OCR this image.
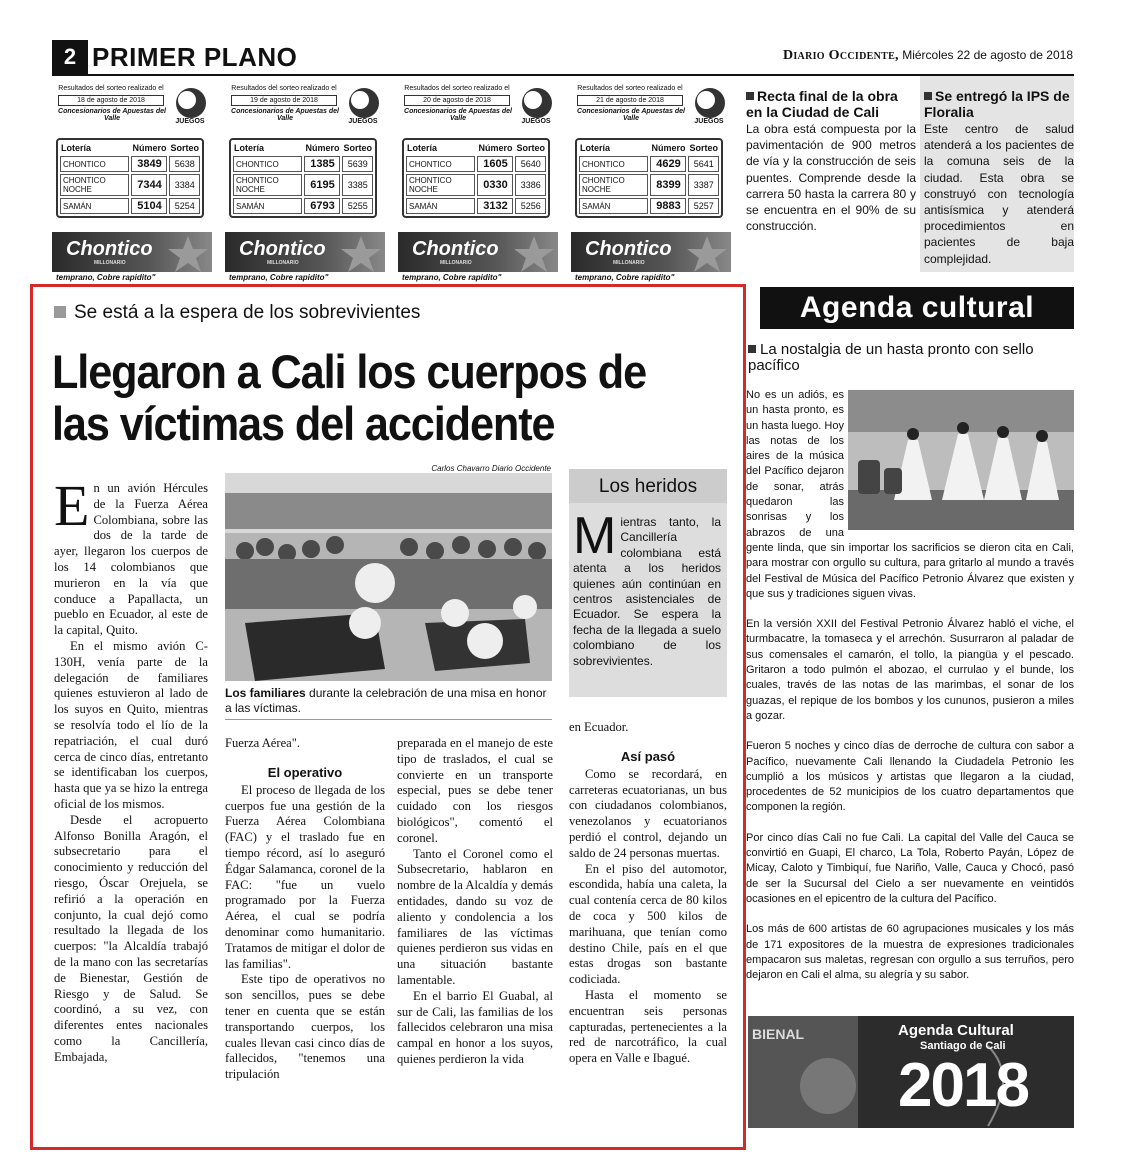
2 PRIMER PLANO	Diario Occidente, Miércoles 22 de agosto de 2018
Resultados del sorteo realizado el
18 de agosto de 2018
Concesionarios de Apuestas del Valle	JUEGOS
Lotería	Número	Sorteo
CHONTICO	3849	5638
CHONTICO NOCHE	7344	3384
SAMÁN	5104	5254
Chontico
MILLONARIO
temprano, Cobre rapidito"
Resultados del sorteo realizado el
19 de agosto de 2018
Concesionarios de Apuestas del Valle	JUEGOS
Lotería	Número	Sorteo
CHONTICO	1385	5639
CHONTICO NOCHE	6195	3385
SAMÁN	6793	5255
Chontico
MILLONARIO
temprano, Cobre rapidito"
Resultados del sorteo realizado el
20 de agosto de 2018
Concesionarios de Apuestas del Valle	JUEGOS
Lotería	Número	Sorteo
CHONTICO	1605	5640
CHONTICO NOCHE	0330	3386
SAMÁN	3132	5256
Chontico
MILLONARIO
temprano, Cobre rapidito"
Resultados del sorteo realizado el
21 de agosto de 2018
Concesionarios de Apuestas del Valle	JUEGOS
Lotería	Número	Sorteo
CHONTICO	4629	5641
CHONTICO NOCHE	8399	3387
SAMÁN	9883	5257
Chontico
MILLONARIO
temprano, Cobre rapidito"
Recta final de la obra en la Ciudad de Cali

La obra está compuesta por la pavimentación de 900 metros de vía y la construcción de seis puentes. Comprende desde la carrera 50 hasta la carrera 80 y se encuentra en el 90% de su construcción.

Se entregó la IPS de Floralia

Este centro de salud atenderá a los pacientes de la comuna seis de la ciudad. Esta obra se construyó con tecnología antisísmica y atenderá procedimientos en pacientes de baja complejidad.

Agenda cultural
La nostalgia de un hasta pronto con sello pacífico

No es un adiós, es un hasta pronto, es un hasta luego. Hoy las notas de los aires de la música del Pacífico dejaron de sonar, atrás quedaron las sonrisas y los abrazos de una gente linda, que sin importar los sacrificios se dieron cita en Cali, para mostrar con orgullo su cultura, para gritarlo al mundo a través del Festival de Música del Pacífico Petronio Álvarez que existen y que sus y tradiciones siguen vivas.

En la versión XXII del Festival Petronio Álvarez habló el viche, el turmbacatre, la tomaseca y el arrechón. Susurraron al paladar de sus comensales el camarón, el tollo, la piangüa y el pescado. Gritaron a todo pulmón el abozao, el currulao y el bunde, los cuales, través de las notas de las marimbas, el sonar de los guazas, el repique de los bombos y los cununos, pusieron a miles a gozar.

Fueron 5 noches y cinco días de derroche de cultura con sabor a Pacífico, nuevamente Cali llenando la Ciudadela Petronio les cumplió a los músicos y artistas que llegaron a la ciudad, procedentes de 52 municipios de los cuatro departamentos que componen la región.

Por cinco días Cali no fue Cali. La capital del Valle del Cauca se convirtió en Guapi, El charco, La Tola, Roberto Payán, López de Micay, Caloto y Timbiquí, fue Nariño, Valle, Cauca y Chocó, pasó de ser la Sucursal del Cielo a ser nuevamente en veintidós ocasiones en el epicentro de la cultura del Pacífico.

Los más de 600 artistas de 60 agrupaciones musicales y los más de 171 expositores de la muestra de expresiones tradicionales empacaron sus maletas, regresan con orgullo a sus terruños, pero dejaron en Cali el alma, su alegría y su sabor.

BIENAL	Agenda Cultural
Santiago de Cali
2018
Se está a la espera de los sobrevivientes
Llegaron a Cali los cuerpos de las víctimas del accidente

En un avión Hércules de la Fuerza Aérea Colombiana, sobre las dos de la tarde de ayer, llegaron los cuerpos de los 14 colombianos que murieron en la vía que conduce a Papallacta, un pueblo en Ecuador, al este de la capital, Quito.

En el mismo avión C-130H, venía parte de la delegación de familiares quienes estuvieron al lado de los suyos en Quito, mientras se resolvía todo el lío de la repatriación, el cual duró cerca de cinco días, entretanto se identificaban los cuerpos, hasta que ya se hizo la entrega oficial de los mismos.

Desde el acropuerto Alfonso Bonilla Aragón, el subsecretario para el conocimiento y reducción del riesgo, Óscar Orejuela, se refirió a la operación en conjunto, la cual dejó como resultado la llegada de los cuerpos: "la Alcaldía trabajó de la mano con las secretarías de Bienestar, Gestión de Riesgo y de Salud. Se coordinó, a su vez, con diferentes entes nacionales como la Cancillería, Embajada,

Carlos Chavarro Diario Occidente
Los familiares durante la celebración de una misa en honor a las víctimas.
Los heridos
Mientras tanto, la Cancillería colombiana está atenta a los heridos quienes aún continúan en centros asistenciales de Ecuador. Se espera la fecha de la llegada a suelo colombiano de los sobrevivientes.

Fuerza Aérea".

El operativo

El proceso de llegada de los cuerpos fue una gestión de la Fuerza Aérea Colombiana (FAC) y el traslado fue en tiempo récord, así lo aseguró Édgar Salamanca, coronel de la FAC: "fue un vuelo programado por la Fuerza Aérea, el cual se podría denominar como humanitario. Tratamos de mitigar el dolor de las familias".

Este tipo de operativos no son sencillos, pues se debe tener en cuenta que se están transportando cuerpos, los cuales llevan casi cinco días de fallecidos, "tenemos una tripulación

preparada en el manejo de este tipo de traslados, el cual se convierte en un transporte especial, pues se debe tener cuidado con los riesgos biológicos", comentó el coronel.

Tanto el Coronel como el Subsecretario, hablaron en nombre de la Alcaldía y demás entidades, dando su voz de aliento y condolencia a los familiares de las víctimas quienes perdieron sus vidas en una situación bastante lamentable.

En el barrio El Guabal, al sur de Cali, las familias de los fallecidos celebraron una misa campal en honor a los suyos, quienes perdieron la vida

en Ecuador.

Así pasó

Como se recordará, en carreteras ecuatorianas, un bus con ciudadanos colombianos, venezolanos y ecuatorianos perdió el control, dejando un saldo de 24 personas muertas.

En el piso del automotor, escondida, había una caleta, la cual contenía cerca de 80 kilos de coca y 500 kilos de marihuana, que tenían como destino Chile, país en el que estas drogas son bastante codiciada.

Hasta el momento se encuentran seis personas capturadas, pertenecientes a la red de narcotráfico, la cual opera en Valle e Ibagué.
